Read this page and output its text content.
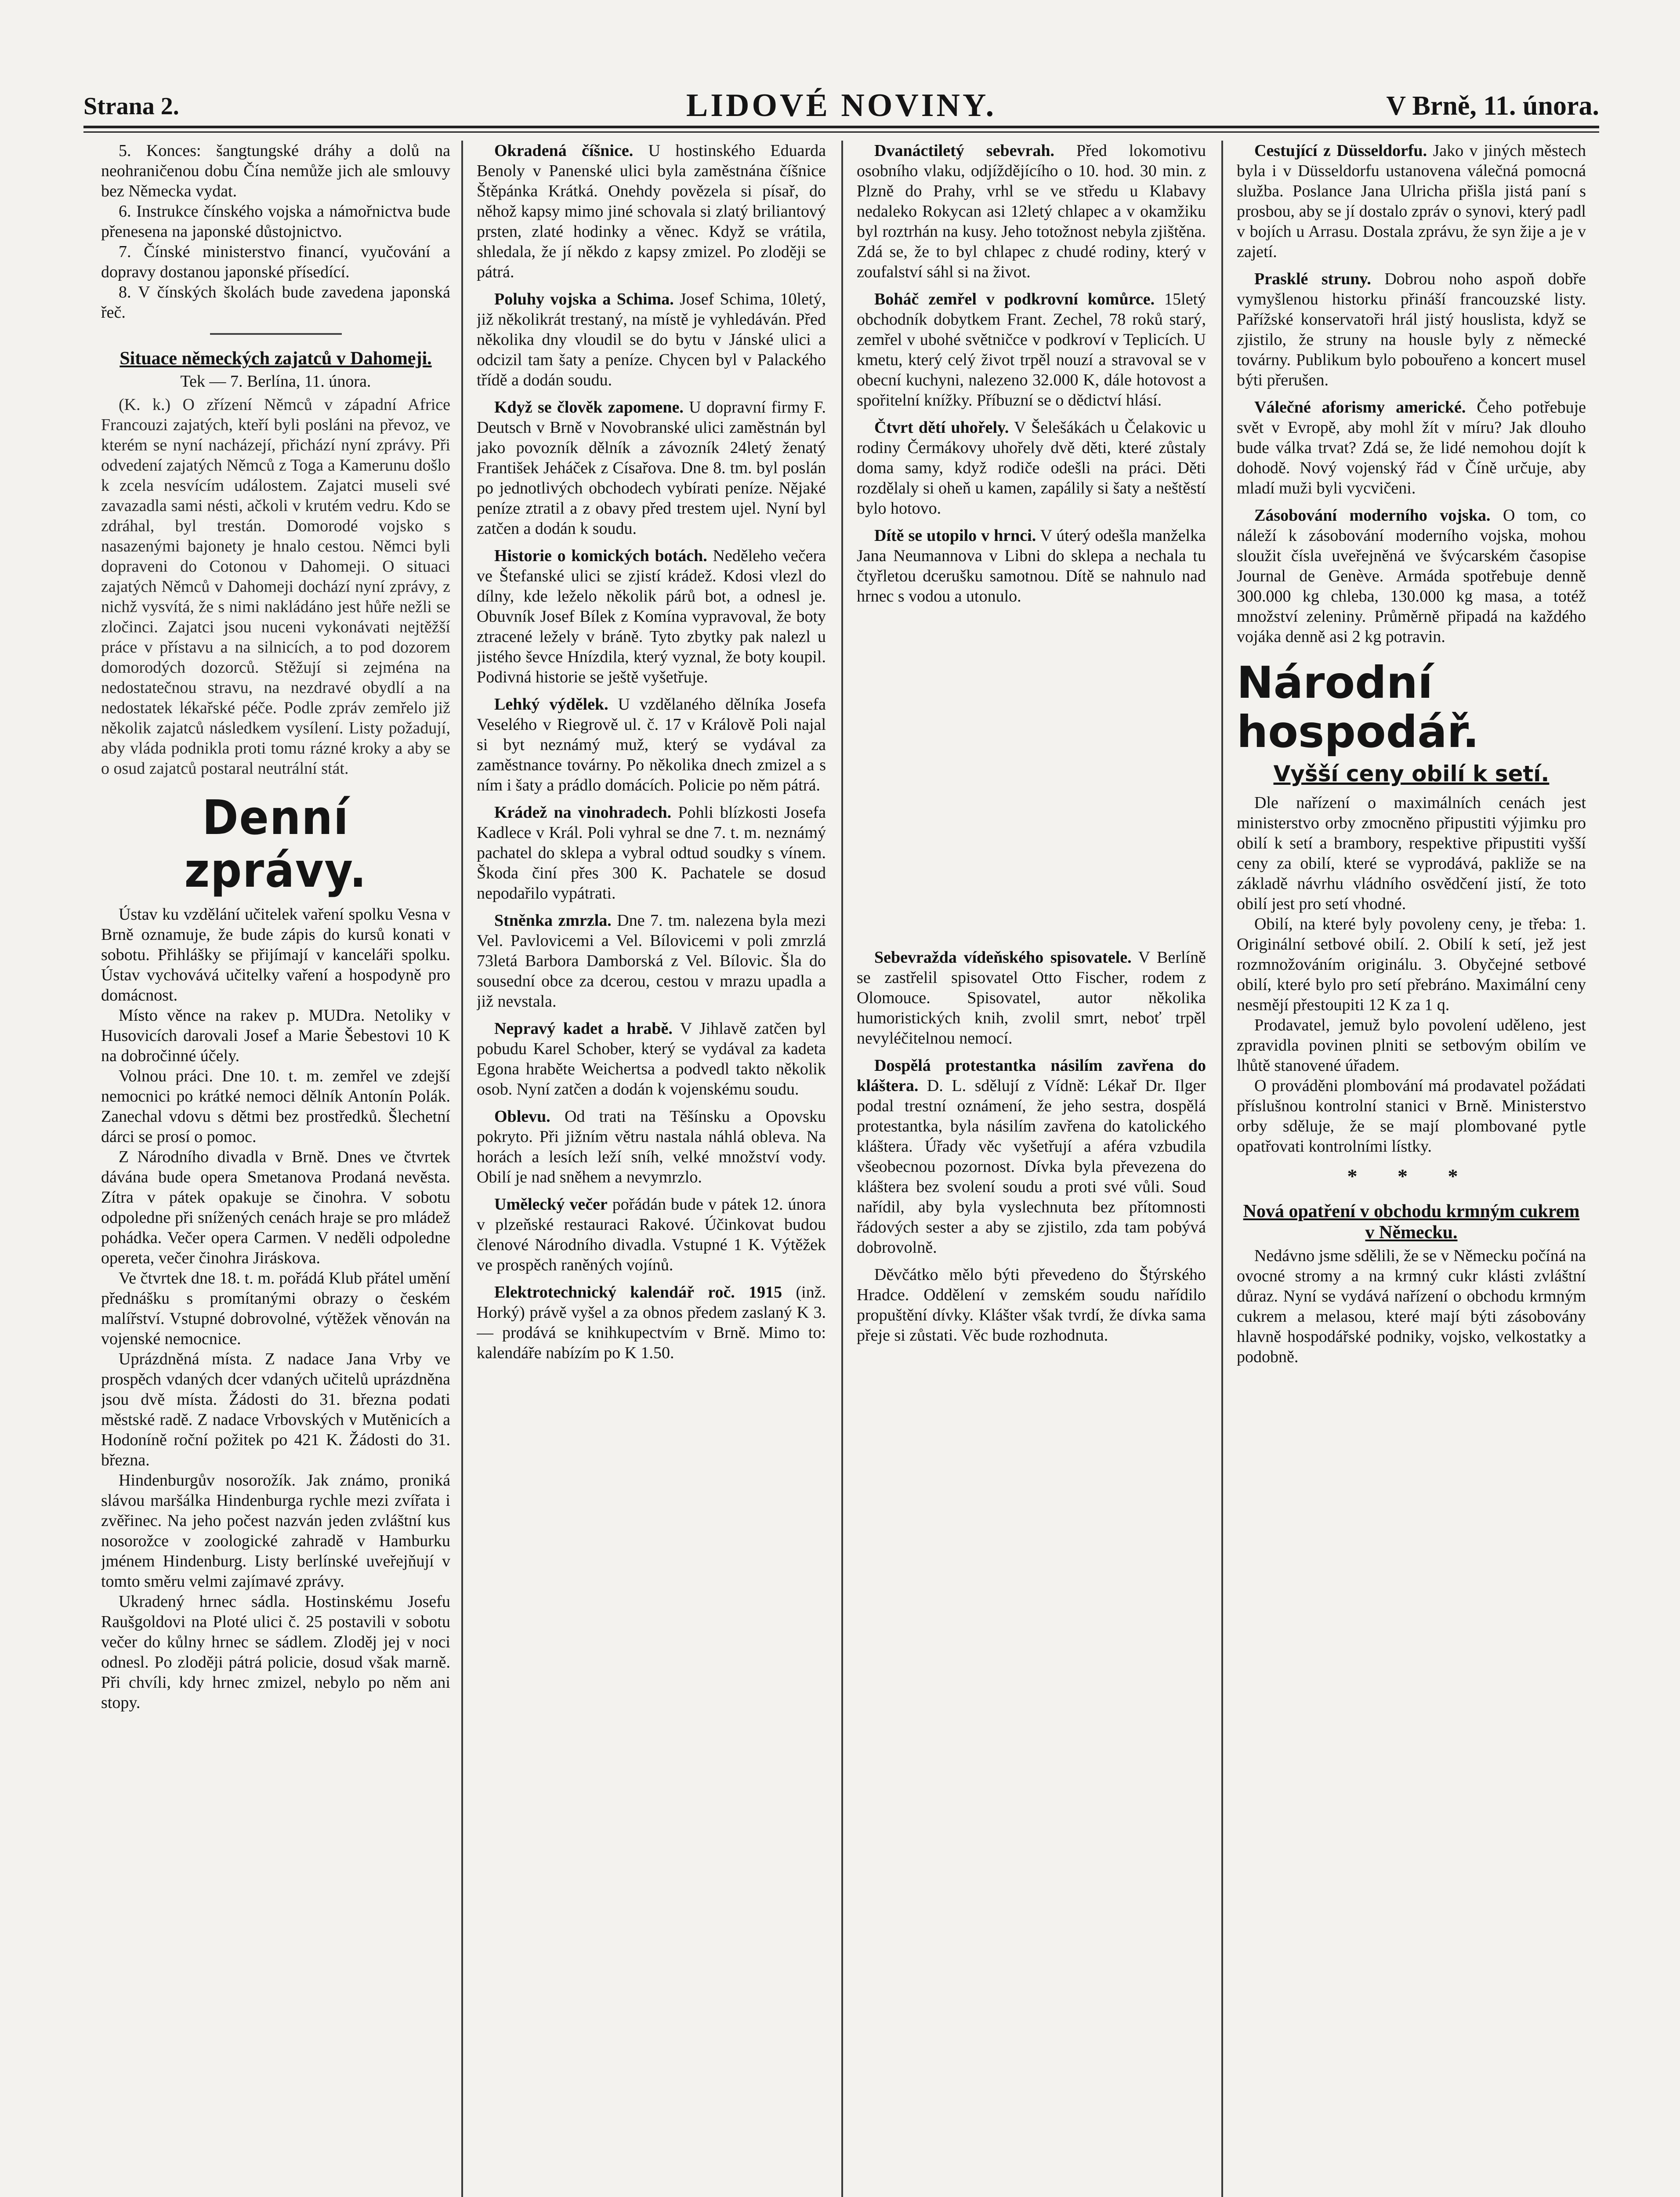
Strana 2.	LIDOVÉ NOVINY.	V Brně, 11. února.

5. Konces: šangtungské dráhy a dolů na neohraničenou dobu Čína nemůže jich ale smlouvy bez Německa vydat.

6. Instrukce čínského vojska a námořnictva bude přenesena na japonské důstojnictvo.

7. Čínské ministerstvo financí, vyučování a dopravy dostanou japonské přísedící.

8. V čínských školách bude zavedena japonská řeč.

Situace německých zajatců v Dahomeji.
Tek — 7. Berlína, 11. února.

(K. k.) O zřízení Němců v západní Africe Francouzi zajatých, kteří byli posláni na převoz, ve kterém se nyní nacházejí, přichází nyní zprávy. Při odvedení zajatých Němců z Toga a Kamerunu došlo k zcela nesvícím událostem. Zajatci museli své zavazadla sami nésti, ačkoli v krutém vedru. Kdo se zdráhal, byl trestán. Domorodé vojsko s nasazenými bajonety je hnalo cestou. Němci byli dopraveni do Cotonou v Dahomeji. O situaci zajatých Němců v Dahomeji dochází nyní zprávy, z nichž vysvítá, že s nimi nakládáno jest hůře nežli se zločinci. Zajatci jsou nuceni vykonávati nejtěžší práce v přístavu a na silnicích, a to pod dozorem domorodých dozorců. Stěžují si zejména na nedostatečnou stravu, na nezdravé obydlí a na nedostatek lékařské péče. Podle zpráv zemřelo již několik zajatců následkem vysílení. Listy požadují, aby vláda podnikla proti tomu rázné kroky a aby se o osud zajatců postaral neutrální stát.

Denní zprávy.

Ústav ku vzdělání učitelek vaření spolku Vesna v Brně oznamuje, že bude zápis do kursů konati v sobotu. Přihlášky se přijímají v kanceláři spolku. Ústav vychovává učitelky vaření a hospodyně pro domácnost.

Místo věnce na rakev p. MUDra. Netoliky v Husovicích darovali Josef a Marie Šebestovi 10 K na dobročinné účely.

Volnou práci. Dne 10. t. m. zemřel ve zdejší nemocnici po krátké nemoci dělník Antonín Polák. Zanechal vdovu s dětmi bez prostředků. Šlechetní dárci se prosí o pomoc.

Z Národního divadla v Brně. Dnes ve čtvrtek dávána bude opera Smetanova Prodaná nevěsta. Zítra v pátek opakuje se činohra. V sobotu odpoledne při snížených cenách hraje se pro mládež pohádka. Večer opera Carmen. V neděli odpoledne opereta, večer činohra Jiráskova.

Ve čtvrtek dne 18. t. m. pořádá Klub přátel umění přednášku s promítanými obrazy o českém malířství. Vstupné dobrovolné, výtěžek věnován na vojenské nemocnice.

Uprázdněná místa. Z nadace Jana Vrby ve prospěch vdaných dcer vdaných učitelů uprázdněna jsou dvě místa. Žádosti do 31. března podati městské radě. Z nadace Vrbovských v Mutěnicích a Hodoníně roční požitek po 421 K. Žádosti do 31. března.

Hindenburgův nosorožík. Jak známo, proniká slávou maršálka Hindenburga rychle mezi zvířata i zvěřinec. Na jeho počest nazván jeden zvláštní kus nosorožce v zoologické zahradě v Hamburku jménem Hindenburg. Listy berlínské uveřejňují v tomto směru velmi zajímavé zprávy.

Ukradený hrnec sádla. Hostinskému Josefu Raušgoldovi na Ploté ulici č. 25 postavili v sobotu večer do kůlny hrnec se sádlem. Zloděj jej v noci odnesl. Po zloději pátrá policie, dosud však marně. Při chvíli, kdy hrnec zmizel, nebylo po něm ani stopy.

Okradená číšnice. U hostinského Eduarda Benoly v Panenské ulici byla zaměstnána číšnice Štěpánka Krátká. Onehdy povězela si písař, do něhož kapsy mimo jiné schovala si zlatý briliantový prsten, zlaté hodinky a věnec. Když se vrátila, shledala, že jí někdo z kapsy zmizel. Po zloději se pátrá.

Poluhy vojska a Schima. Josef Schima, 10letý, již několikrát trestaný, na místě je vyhledáván. Před několika dny vloudil se do bytu v Jánské ulici a odcizil tam šaty a peníze. Chycen byl v Palackého třídě a dodán soudu.

Když se člověk zapomene. U dopravní firmy F. Deutsch v Brně v Novobranské ulici zaměstnán byl jako povozník dělník a závozník 24letý ženatý František Jeháček z Císařova. Dne 8. tm. byl poslán po jednotlivých obchodech vybírati peníze. Nějaké peníze ztratil a z obavy před trestem ujel. Nyní byl zatčen a dodán k soudu.

Historie o komických botách. Neděleho večera ve Štefanské ulici se zjistí krádež. Kdosi vlezl do dílny, kde leželo několik párů bot, a odnesl je. Obuvník Josef Bílek z Komína vypravoval, že boty ztracené ležely v bráně. Tyto zbytky pak nalezl u jistého ševce Hnízdila, který vyznal, že boty koupil. Podivná historie se ještě vyšetřuje.

Lehký výdělek. U vzdělaného dělníka Josefa Veselého v Riegrově ul. č. 17 v Králově Poli najal si byt neznámý muž, který se vydával za zaměstnance továrny. Po několika dnech zmizel a s ním i šaty a prádlo domácích. Policie po něm pátrá.

Krádež na vinohradech. Pohli blízkosti Josefa Kadlece v Král. Poli vyhral se dne 7. t. m. neznámý pachatel do sklepa a vybral odtud soudky s vínem. Škoda činí přes 300 K. Pachatele se dosud nepodařilo vypátrati.

Stněnka zmrzla. Dne 7. tm. nalezena byla mezi Vel. Pavlovicemi a Vel. Bílovicemi v poli zmrzlá 73letá Barbora Damborská z Vel. Bílovic. Šla do sousední obce za dcerou, cestou v mrazu upadla a již nevstala.

Nepravý kadet a hrabě. V Jihlavě zatčen byl pobudu Karel Schober, který se vydával za kadeta Egona hraběte Weichertsa a podvedl takto několik osob. Nyní zatčen a dodán k vojenskému soudu.

Oblevu. Od trati na Těšínsku a Opovsku pokryto. Při jižním větru nastala náhlá obleva. Na horách a lesích leží sníh, velké množství vody. Obilí je nad sněhem a nevymrzlo.

Umělecký večer pořádán bude v pátek 12. února v plzeňské restauraci Rakové. Účinkovat budou členové Národního divadla. Vstupné 1 K. Výtěžek ve prospěch raněných vojínů.

Elektrotechnický kalendář roč. 1915 (inž. Horký) právě vyšel a za obnos předem zaslaný K 3.— prodává se knihkupectvím v Brně. Mimo to: kalendáře nabízím po K 1.50.

Dvanáctiletý sebevrah. Před lokomotivu osobního vlaku, odjíždějícího o 10. hod. 30 min. z Plzně do Prahy, vrhl se ve středu u Klabavy nedaleko Rokycan asi 12letý chlapec a v okamžiku byl roztrhán na kusy. Jeho totožnost nebyla zjištěna. Zdá se, že to byl chlapec z chudé rodiny, který v zoufalství sáhl si na život.

Boháč zemřel v podkrovní komůrce. 15letý obchodník dobytkem Frant. Zechel, 78 roků starý, zemřel v ubohé světničce v podkroví v Teplicích. U kmetu, který celý život trpěl nouzí a stravoval se v obecní kuchyni, nalezeno 32.000 K, dále hotovost a spořitelní knížky. Příbuzní se o dědictví hlásí.

Čtvrt dětí uhořely. V Šelešákách u Čelakovic u rodiny Čermákovy uhořely dvě děti, které zůstaly doma samy, když rodiče odešli na práci. Děti rozdělaly si oheň u kamen, zapálily si šaty a neštěstí bylo hotovo.

Dítě se utopilo v hrnci. V úterý odešla manželka Jana Neumannova v Libni do sklepa a nechala tu čtyřletou dcerušku samotnou. Dítě se nahnulo nad hrnec s vodou a utonulo.

Sebevražda vídeňského spisovatele. V Berlíně se zastřelil spisovatel Otto Fischer, rodem z Olomouce. Spisovatel, autor několika humoristických knih, zvolil smrt, neboť trpěl nevyléčitelnou nemocí.

Dospělá protestantka násilím zavřena do kláštera. D. L. sdělují z Vídně: Lékař Dr. Ilger podal trestní oznámení, že jeho sestra, dospělá protestantka, byla násilím zavřena do katolického kláštera. Úřady věc vyšetřují a aféra vzbudila všeobecnou pozornost. Dívka byla převezena do kláštera bez svolení soudu a proti své vůli. Soud nařídil, aby byla vyslechnuta bez přítomnosti řádových sester a aby se zjistilo, zda tam pobývá dobrovolně.

Děvčátko mělo býti převedeno do Štýrského Hradce. Oddělení v zemském soudu nařídilo propuštění dívky. Klášter však tvrdí, že dívka sama přeje si zůstati. Věc bude rozhodnuta.

Cestující z Düsseldorfu. Jako v jiných městech byla i v Düsseldorfu ustanovena válečná pomocná služba. Poslance Jana Ulricha přišla jistá paní s prosbou, aby se jí dostalo zpráv o synovi, který padl v bojích u Arrasu. Dostala zprávu, že syn žije a je v zajetí.

Prasklé struny. Dobrou noho aspoň dobře vymyšlenou historku přináší francouzské listy. Pařížské konservatoři hrál jistý houslista, když se zjistilo, že struny na housle byly z německé továrny. Publikum bylo pobouřeno a koncert musel býti přerušen.

Válečné aforismy americké. Čeho potřebuje svět v Evropě, aby mohl žít v míru? Jak dlouho bude válka trvat? Zdá se, že lidé nemohou dojít k dohodě. Nový vojenský řád v Číně určuje, aby mladí muži byli vycvičeni.

Zásobování moderního vojska. O tom, co náleží k zásobování moderního vojska, mohou sloužit čísla uveřejněná ve švýcarském časopise Journal de Genève. Armáda spotřebuje denně 300.000 kg chleba, 130.000 kg masa, a totéž množství zeleniny. Průměrně připadá na každého vojáka denně asi 2 kg potravin.

Národní hospodář.
Vyšší ceny obilí k setí.

Dle nařízení o maximálních cenách jest ministerstvo orby zmocněno připustiti výjimku pro obilí k setí a brambory, respektive připustiti vyšší ceny za obilí, které se vyprodává, pakliže se na základě návrhu vládního osvědčení jistí, že toto obilí jest pro setí vhodné.

Obilí, na které byly povoleny ceny, je třeba: 1. Originální setbové obilí. 2. Obilí k setí, jež jest rozmnožováním originálu. 3. Obyčejné setbové obilí, které bylo pro setí přebráno. Maximální ceny nesmějí přestoupiti 12 K za 1 q.

Prodavatel, jemuž bylo povolení uděleno, jest zpravidla povinen plniti se setbovým obilím ve lhůtě stanovené úřadem.

O prováděni plombování má prodavatel požádati příslušnou kontrolní stanici v Brně. Ministerstvo orby sděluje, že se mají plombované pytle opatřovati kontrolními lístky.

* * *
Nová opatření v obchodu krmným cukrem v Německu.

Nedávno jsme sdělili, že se v Německu počíná na ovocné stromy a na krmný cukr klásti zvláštní důraz. Nyní se vydává nařízení o obchodu krmným cukrem a melasou, které mají býti zásobovány hlavně hospodářské podniky, vojsko, velkostatky a podobně.
